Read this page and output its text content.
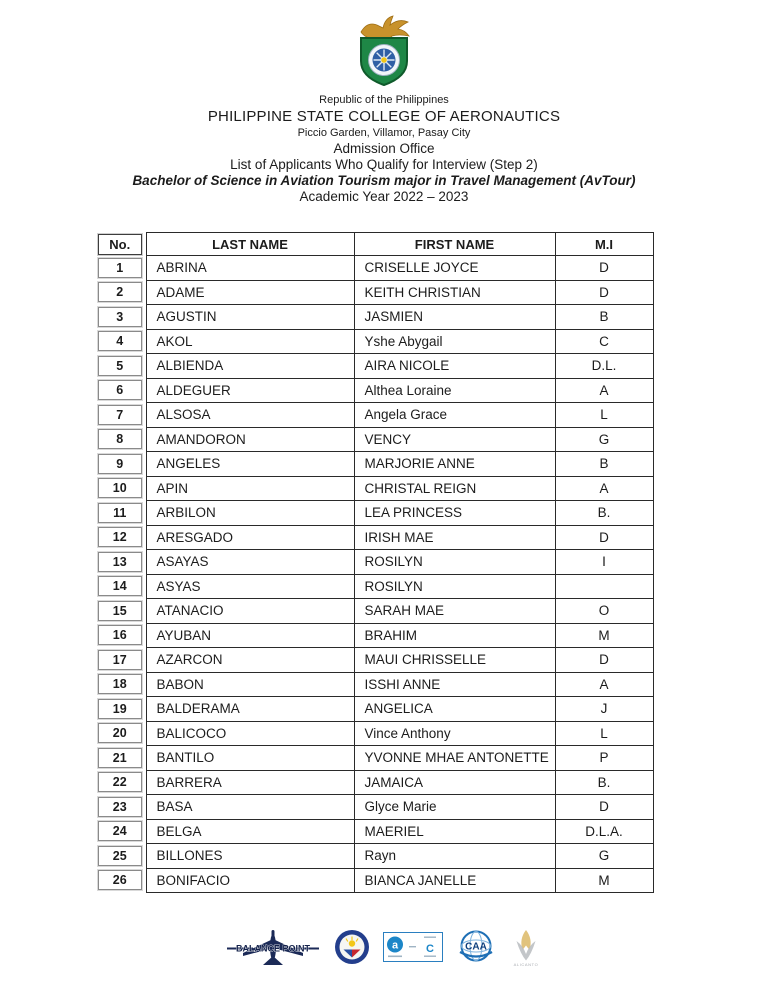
Republic of the Philippines
PHILIPPINE STATE COLLEGE OF AERONAUTICS
Piccio Garden, Villamor, Pasay City
Admission Office
List of Applicants Who Qualify for Interview (Step 2)
Bachelor of Science in Aviation Tourism major in Travel Management (AvTour)
Academic Year 2022 – 2023
No.	LAST NAME	FIRST NAME	M.I

1	ABRINA	CRISELLE JOYCE	D

2	ADAME	KEITH CHRISTIAN	D

3	AGUSTIN	JASMIEN	B

4	AKOL	Yshe Abygail	C

5	ALBIENDA	AIRA NICOLE	D.L.

6	ALDEGUER	Althea Loraine	A

7	ALSOSA	Angela Grace	L

8	AMANDORON	VENCY	G

9	ANGELES	MARJORIE ANNE	B

10	APIN	CHRISTAL REIGN	A

11	ARBILON	LEA PRINCESS	B.

12	ARESGADO	IRISH MAE	D

13	ASAYAS	ROSILYN	I

14	ASYAS	ROSILYN	

15	ATANACIO	SARAH MAE	O

16	AYUBAN	BRAHIM	M

17	AZARCON	MAUI CHRISSELLE	D

18	BABON	ISSHI ANNE	A

19	BALDERAMA	ANGELICA	J

20	BALICOCO	Vince Anthony	L

21	BANTILO	YVONNE MHAE ANTONETTE	P

22	BARRERA	JAMAICA	B.

23	BASA	Glyce Marie	D

24	BELGA	MAERIEL	D.L.A.

25	BILLONES	Rayn	G

26	BONIFACIO	BIANCA JANELLE	M
BALANCE POINT	a	C	CAA
ALICANTO
